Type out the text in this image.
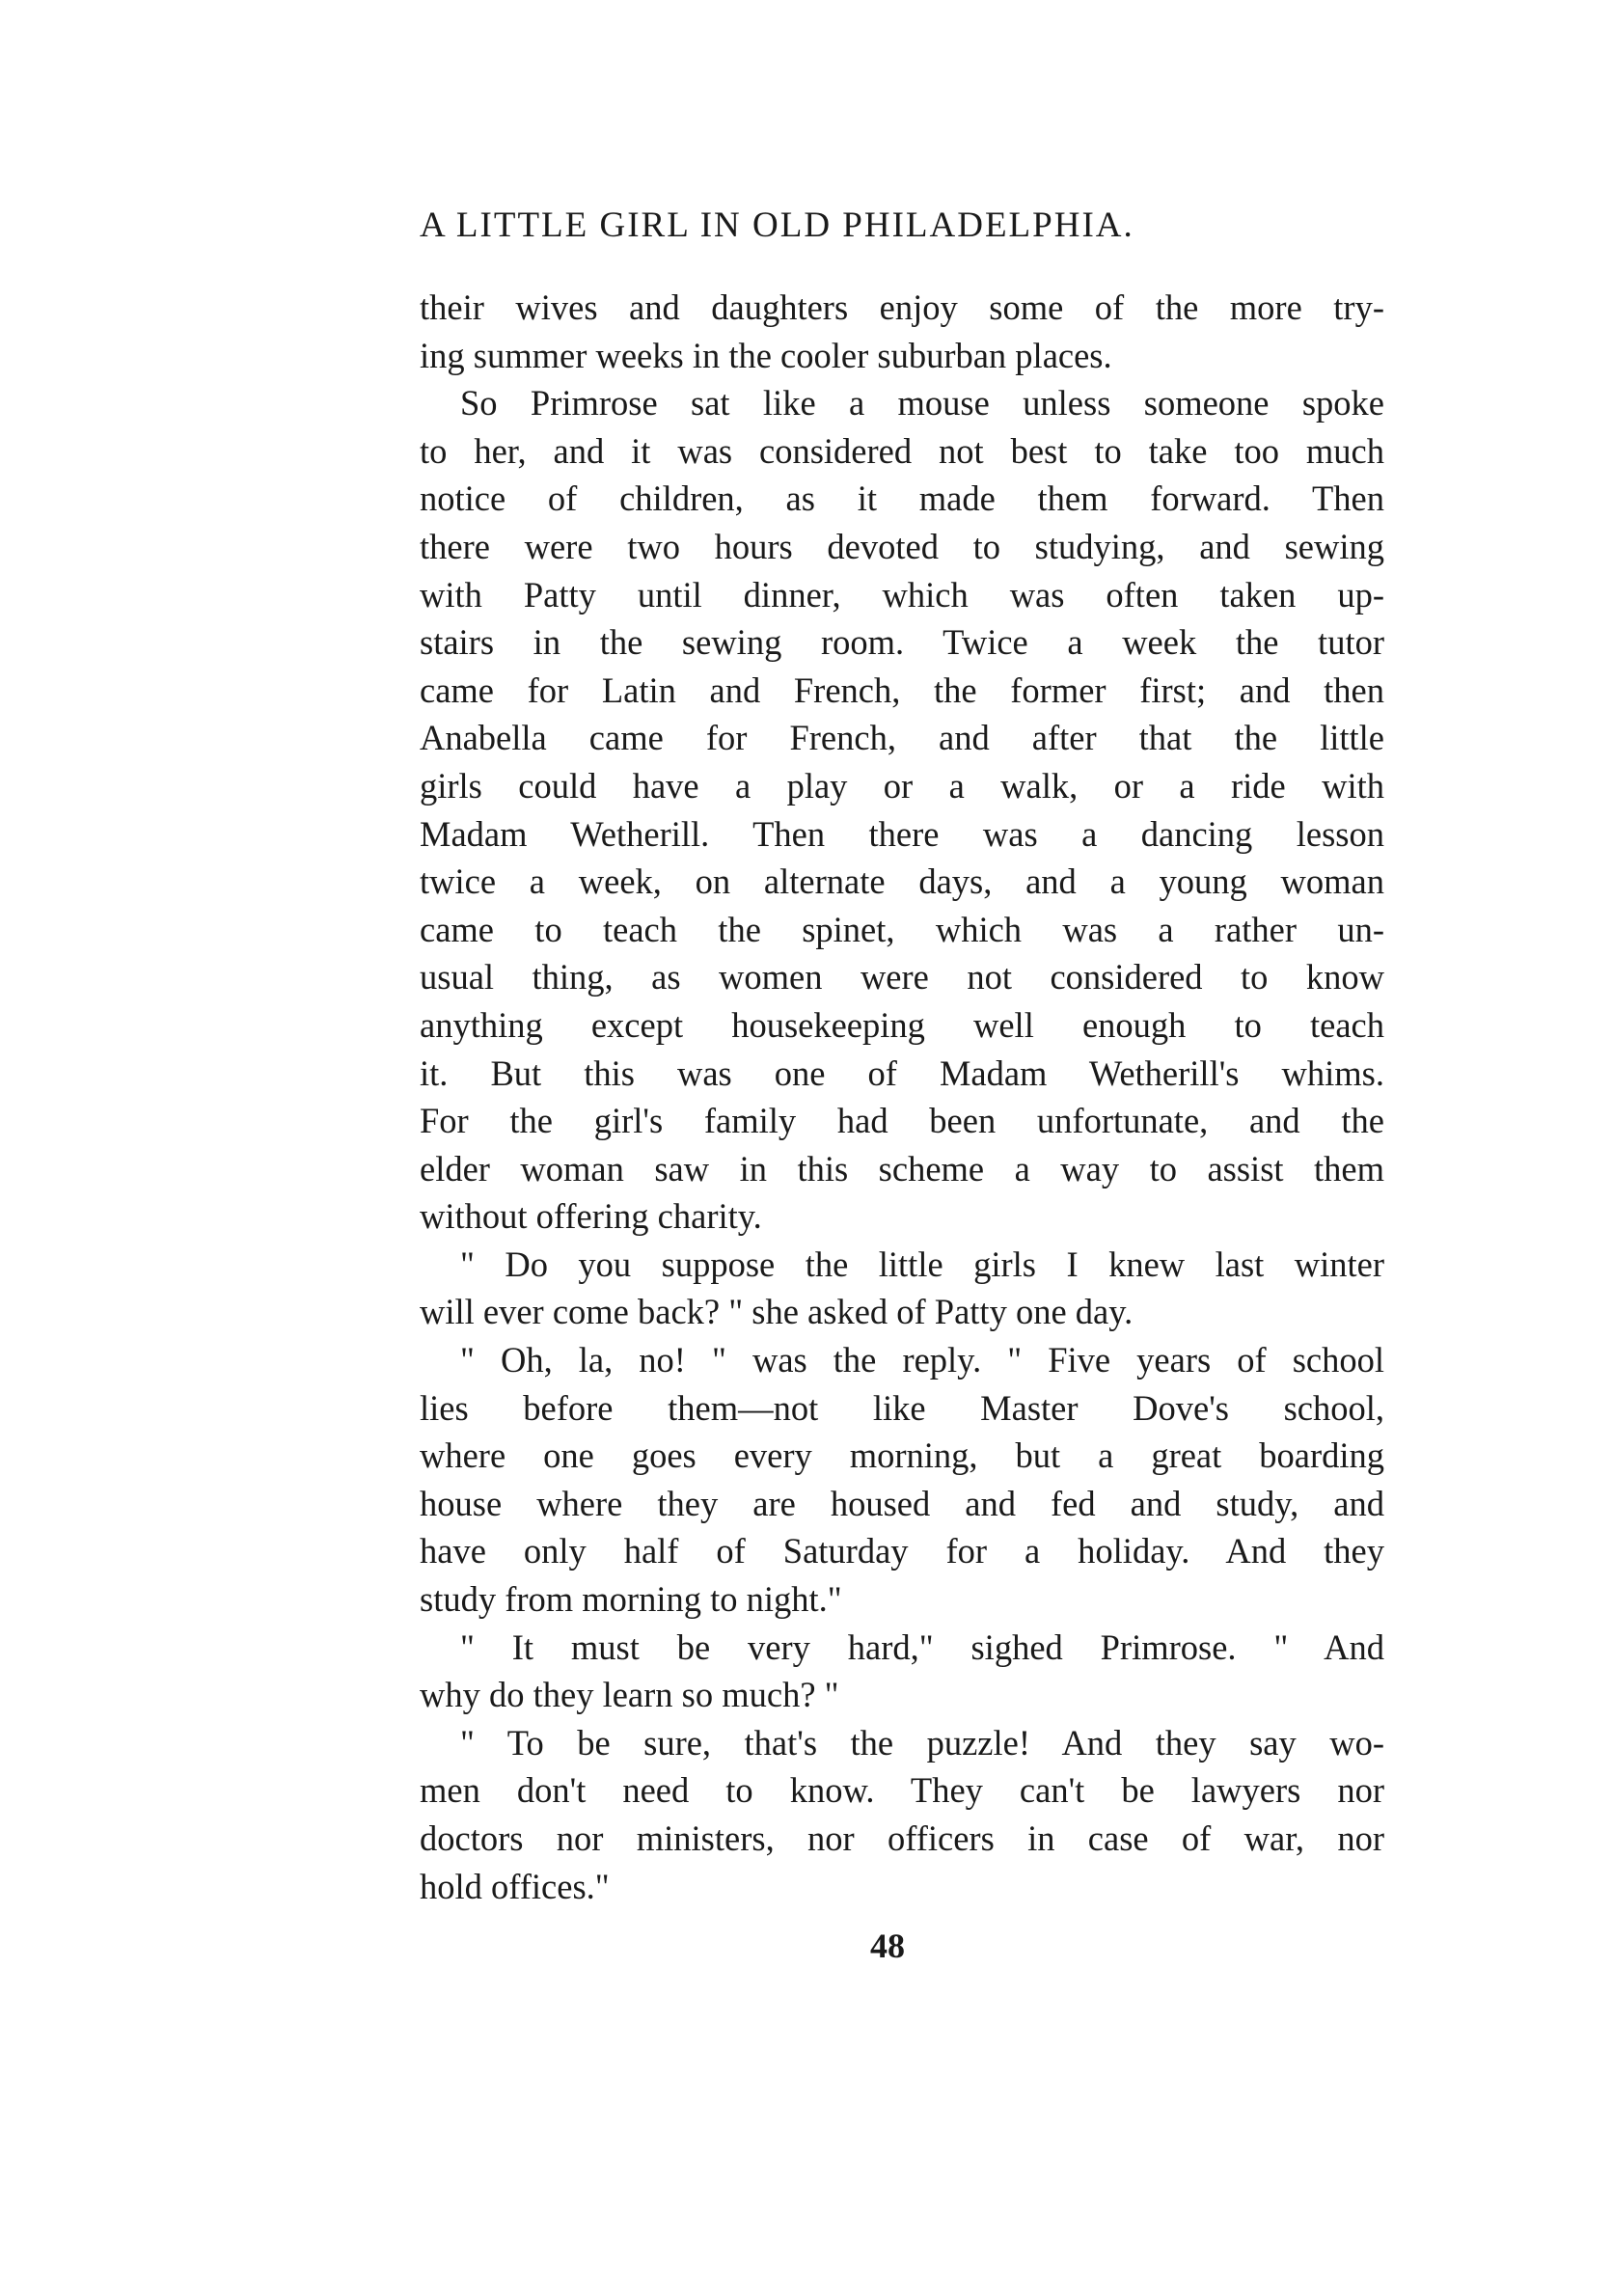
A LITTLE GIRL IN OLD PHILADELPHIA.
their wives and daughters enjoy some of the more try-
ing summer weeks in the cooler suburban places.
So Primrose sat like a mouse unless someone spoke
to her, and it was considered not best to take too much
notice of children, as it made them forward. Then
there were two hours devoted to studying, and sewing
with Patty until dinner, which was often taken up-
stairs in the sewing room. Twice a week the tutor
came for Latin and French, the former first; and then
Anabella came for French, and after that the little
girls could have a play or a walk, or a ride with
Madam Wetherill. Then there was a dancing lesson
twice a week, on alternate days, and a young woman
came to teach the spinet, which was a rather un-
usual thing, as women were not considered to know
anything except housekeeping well enough to teach
it. But this was one of Madam Wetherill's whims.
For the girl's family had been unfortunate, and the
elder woman saw in this scheme a way to assist them
without offering charity.
" Do you suppose the little girls I knew last winter
will ever come back? " she asked of Patty one day.
" Oh, la, no! " was the reply. " Five years of school
lies before them—not like Master Dove's school,
where one goes every morning, but a great boarding
house where they are housed and fed and study, and
have only half of Saturday for a holiday. And they
study from morning to night."
" It must be very hard," sighed Primrose. " And
why do they learn so much? "
" To be sure, that's the puzzle! And they say wo-
men don't need to know. They can't be lawyers nor
doctors nor ministers, nor officers in case of war, nor
hold offices."
48
